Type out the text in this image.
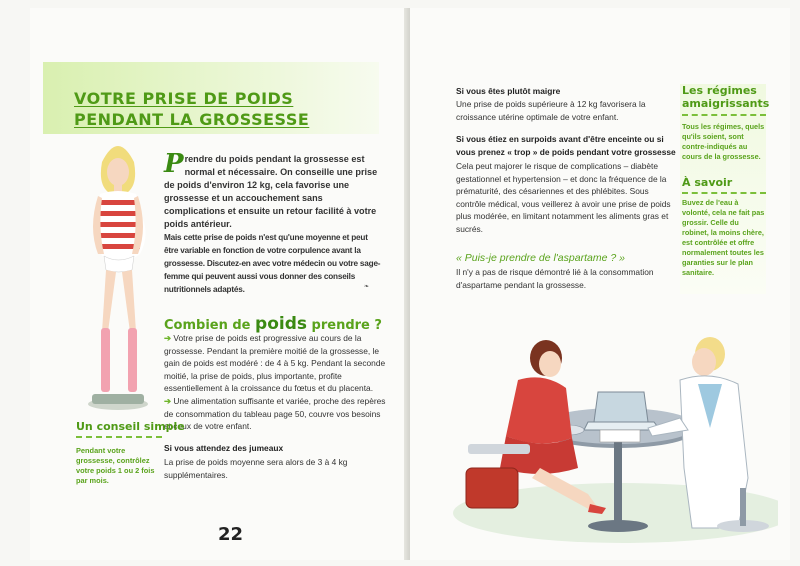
VOTRE PRISE DE POIDS
PENDANT LA GROSSESSE
P rendre du poids pendant la grossesse est normal et nécessaire. On conseille une prise de poids d'environ 12 kg, cela favorise une grossesse et un accouchement sans complications et ensuite un retour facilité à votre poids antérieur.

Mais cette prise de poids n'est qu'une moyenne et peut être variable en fonction de votre corpulence avant la grossesse. Discutez-en avec votre médecin ou votre sage-femme qui peuvent aussi vous donner des conseils nutritionnels adaptés.	❧
Combien de poids prendre ?

➔ Votre prise de poids est progressive au cours de la grossesse. Pendant la première moitié de la grossesse, le gain de poids est modéré : de 4 à 5 kg. Pendant la seconde moitié, la prise de poids, plus importante, profite essentiellement à la croissance du fœtus et du placenta.

➔ Une alimentation suffisante et variée, proche des repères de consommation du tableau page 50, couvre vos besoins et ceux de votre enfant.

Si vous attendez des jumeaux
La prise de poids moyenne sera alors de 3 à 4 kg supplémentaires.
Un conseil simple
Pendant votre grossesse, contrôlez votre poids 1 ou 2 fois par mois.
22
Si vous êtes plutôt maigre
Une prise de poids supérieure à 12 kg favorisera la croissance utérine optimale de votre enfant.
Si vous étiez en surpoids avant d'être enceinte ou si vous prenez « trop » de poids pendant votre grossesse
Cela peut majorer le risque de complications – diabète gestationnel et hypertension – et donc la fréquence de la prématurité, des césariennes et des phlébites. Sous contrôle médical, vous veillerez à avoir une prise de poids plus modérée, en limitant notamment les aliments gras et sucrés.
« Puis-je prendre de l'aspartame ? »
Il n'y a pas de risque démontré lié à la consommation d'aspartame pendant la grossesse.
Les régimes amaigrissants
Tous les régimes, quels qu'ils soient, sont contre-indiqués au cours de la grossesse.
À savoir
Buvez de l'eau à volonté, cela ne fait pas grossir. Celle du robinet, la moins chère, est contrôlée et offre normalement toutes les garanties sur le plan sanitaire.
